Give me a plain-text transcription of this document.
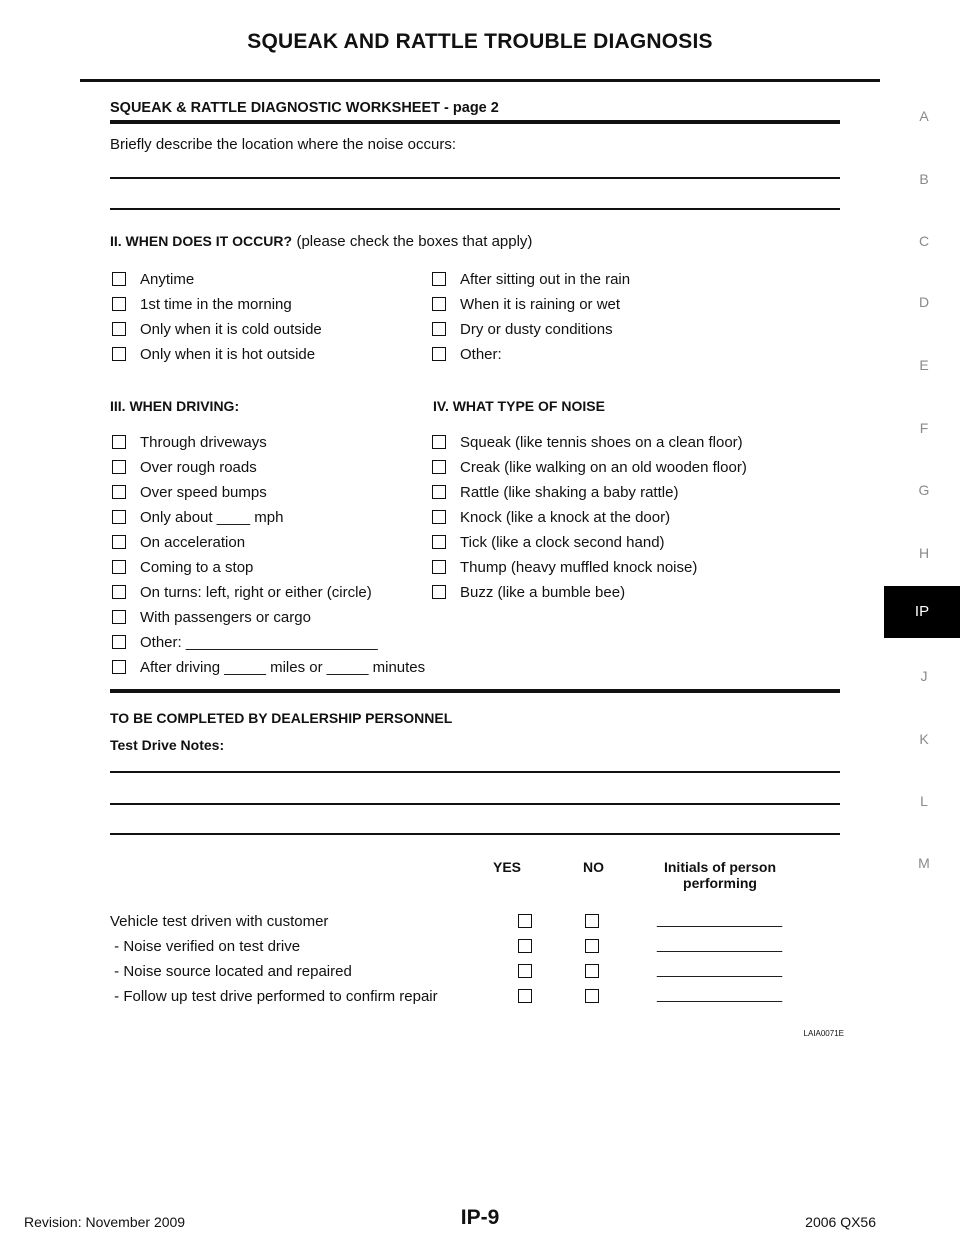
SQUEAK AND RATTLE TROUBLE DIAGNOSIS
A
B
C
D
E
F
G
H
IP
J
K
L
M
SQUEAK & RATTLE DIAGNOSTIC WORKSHEET - page 2
Briefly describe the location where the noise occurs:
II. WHEN DOES IT OCCUR? (please check the boxes that apply)
Anytime
1st time in the morning
Only when it is cold outside
Only when it is hot outside
After sitting out in the rain
When it is raining or wet
Dry or dusty conditions
Other:
III. WHEN DRIVING:	IV. WHAT TYPE OF NOISE
Through driveways
Over rough roads
Over speed bumps
Only about ____ mph
On acceleration
Coming to a stop
On turns: left, right or either (circle)
With passengers or cargo
Other: _______________________
After driving _____ miles or _____ minutes
Squeak (like tennis shoes on a clean floor)
Creak (like walking on an old wooden floor)
Rattle (like shaking a baby rattle)
Knock (like a knock at the door)
Tick (like a clock second hand)
Thump (heavy muffled knock noise)
Buzz (like a bumble bee)
TO BE COMPLETED BY DEALERSHIP PERSONNEL
Test Drive Notes:
YES	NO	Initials of person
performing
Vehicle test driven with customer	_______________
- Noise verified on test drive	_______________
- Noise source located and repaired	_______________
- Follow up test drive performed to confirm repair	_______________
LAIA0071E
Revision: November 2009	IP-9	2006 QX56
